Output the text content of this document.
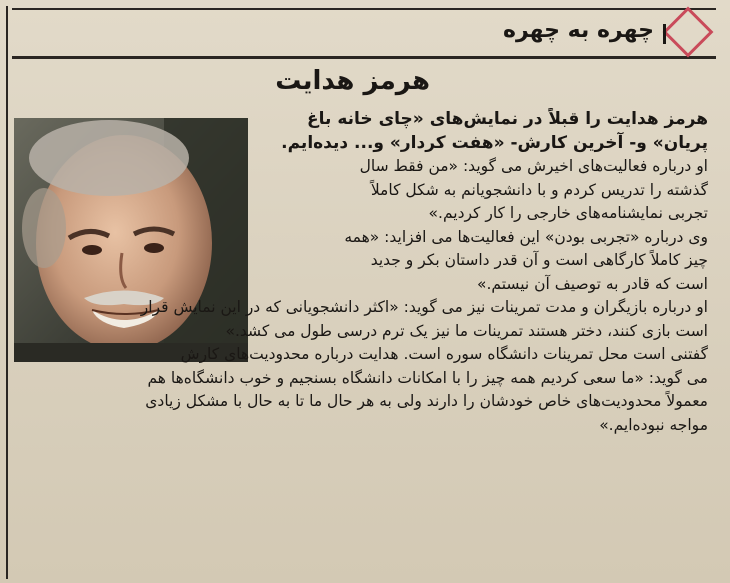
چهره به چهره
هرمز هدایت
هرمز هدایت را قبلاً در نمایش‌های «چای خانه باغ
پریان» و- آخرین کارش- «هفت کردار» و... دیده‌ایم.
او درباره فعالیت‌های اخیرش می گوید: «من فقط سال
گذشته را تدریس کردم و با دانشجویانم به شکل کاملاً
تجربی نمایشنامه‌های خارجی را کار کردیم.»
وی درباره «تجربی بودن» این فعالیت‌ها می افزاید: «همه
چیز کاملاً کارگاهی است و آن قدر داستان بکر و جدید
است که قادر به توصیف آن نیستم.»
او درباره بازیگران و مدت تمرینات نیز می گوید: «اکثر دانشجویانی که در این نمایش قرار
است بازی کنند، دختر هستند تمرینات ما نیز یک ترم درسی طول می کشد.»
گفتنی است محل تمرینات دانشگاه سوره است. هدایت درباره محدودیت‌های کارش
می گوید: «ما سعی کردیم همه چیز را با امکانات دانشگاه بسنجیم و خوب دانشگاه‌ها هم
معمولاً محدودیت‌های خاص خودشان را دارند ولی به هر حال ما تا به حال با مشکل زیادی
مواجه نبوده‌ایم.»
